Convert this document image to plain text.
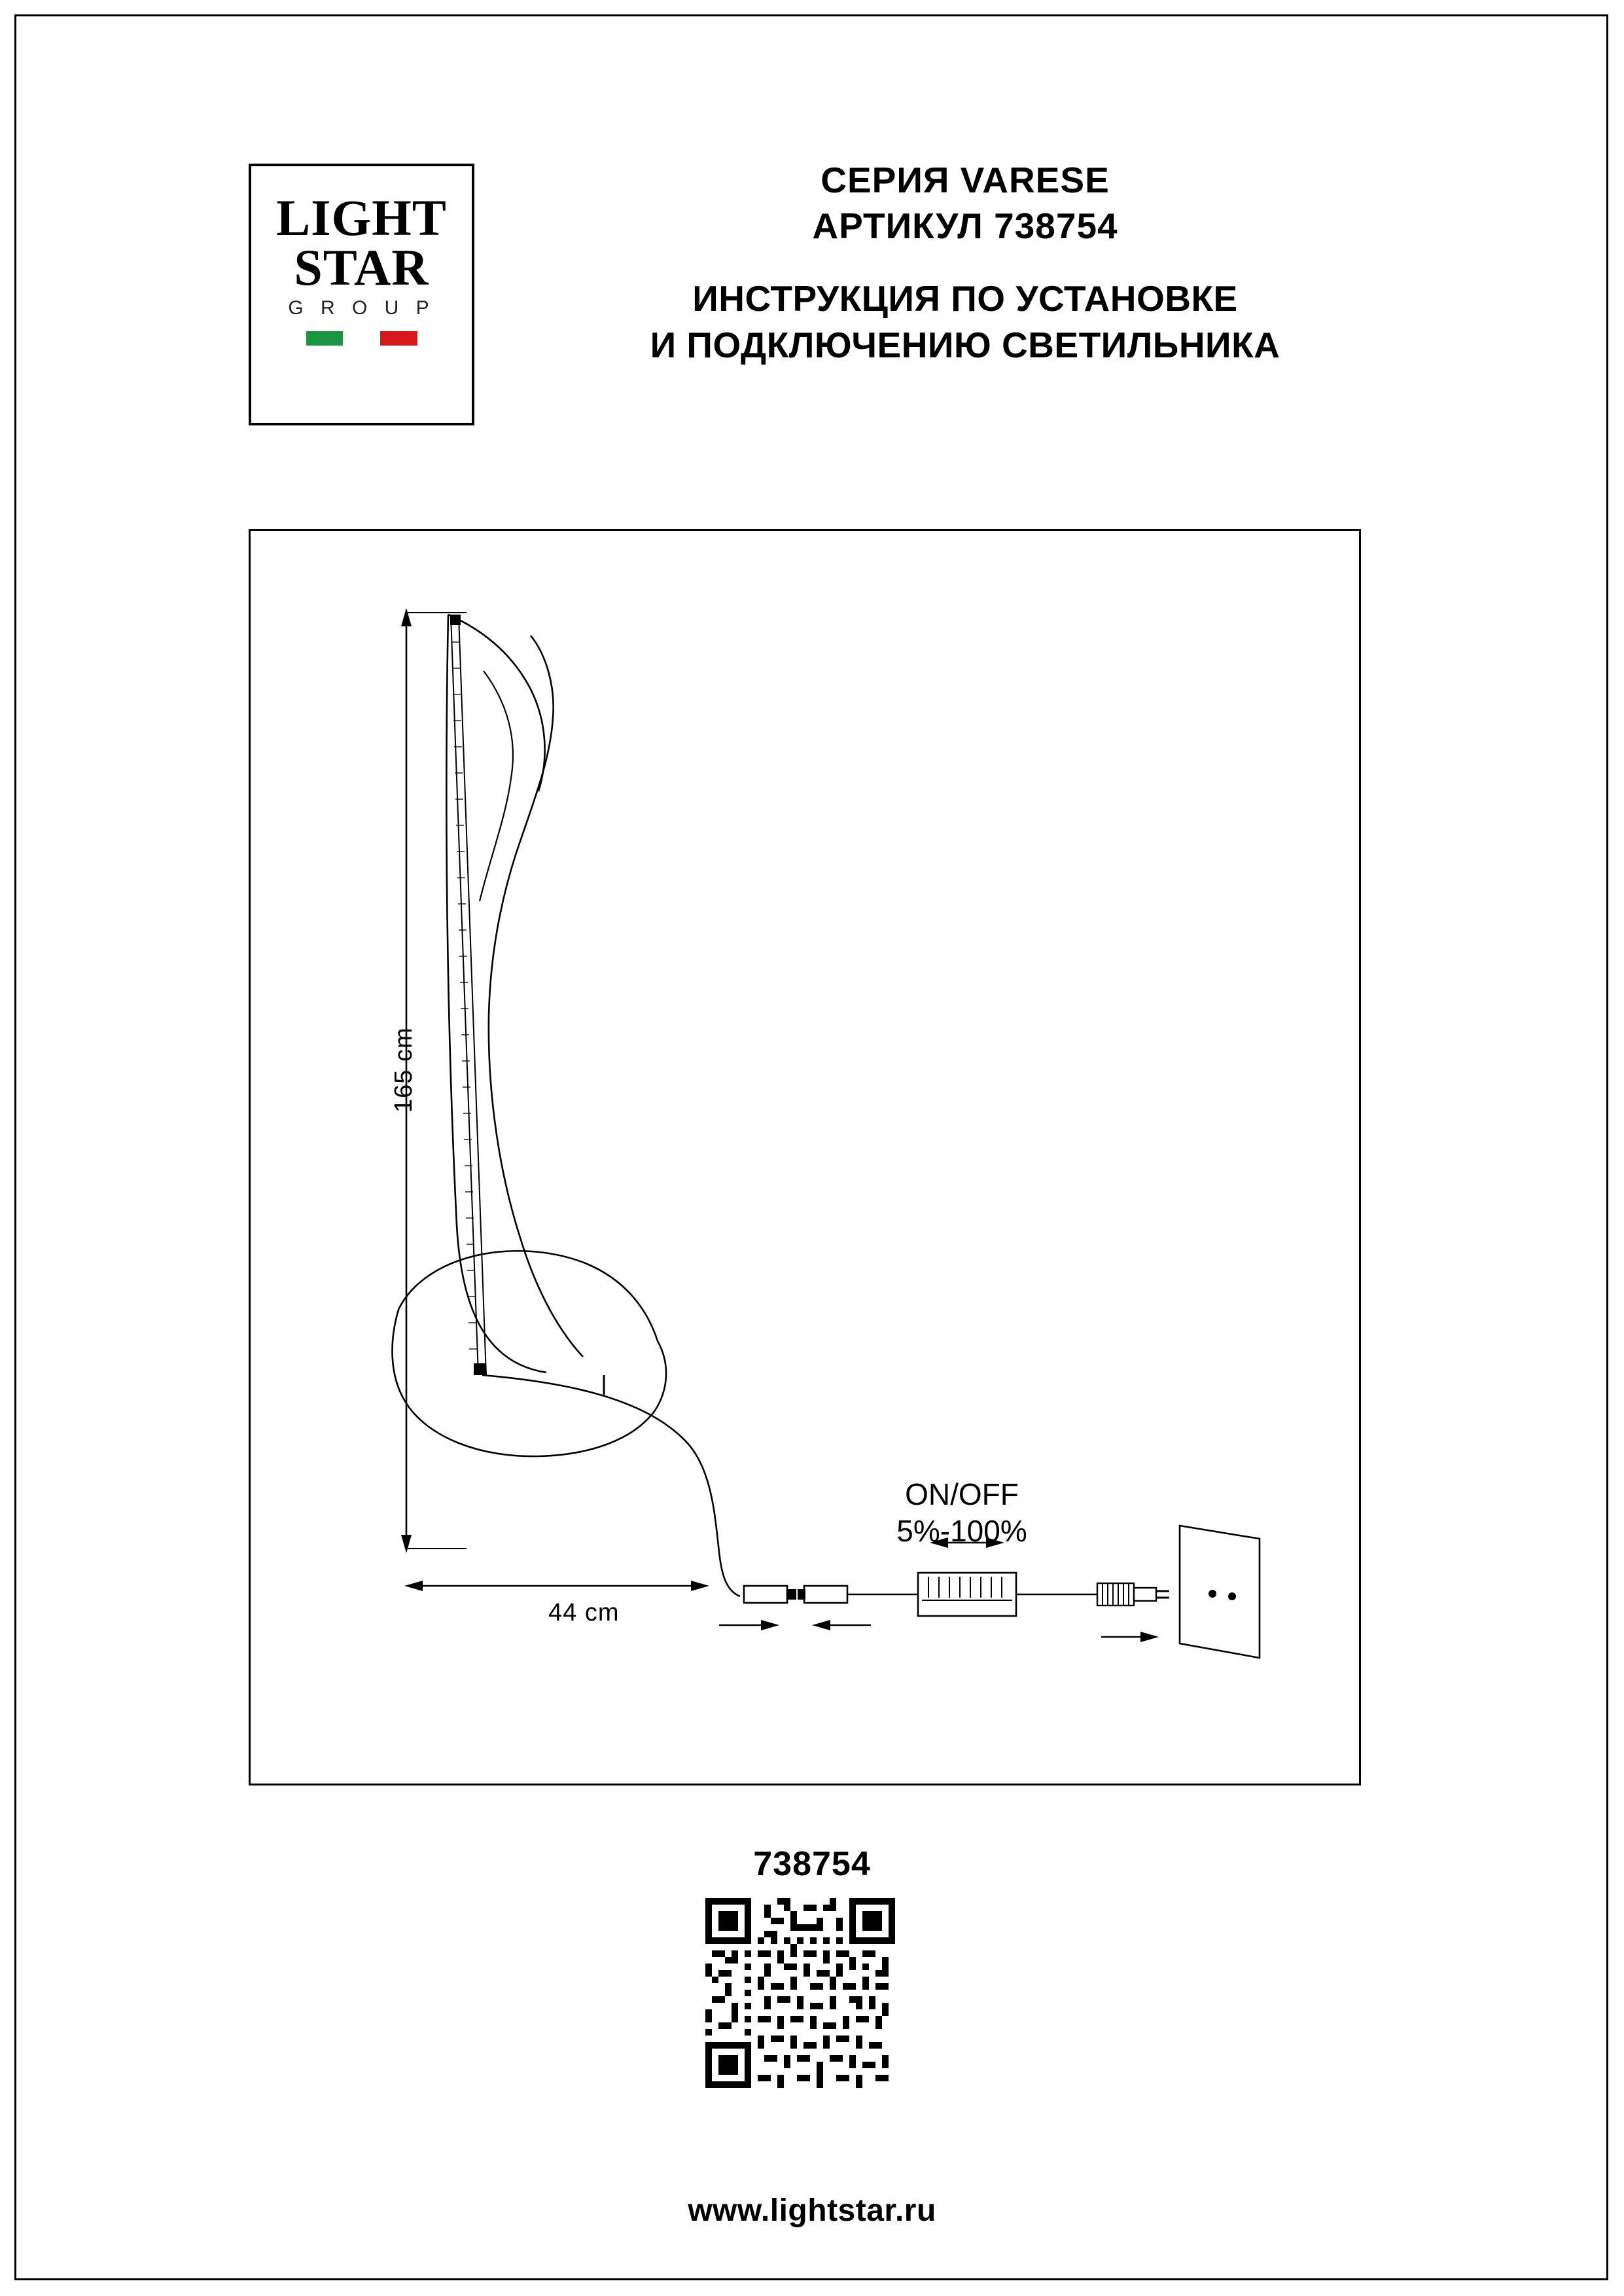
LIGHT
STAR
G R O U P
СЕРИЯ VARESE
АРТИКУЛ 738754
ИНСТРУКЦИЯ ПО УСТАНОВКЕ
И ПОДКЛЮЧЕНИЮ СВЕТИЛЬНИКА
165 cm
44 cm
ON/OFF
5%-100%
738754
www.lightstar.ru
